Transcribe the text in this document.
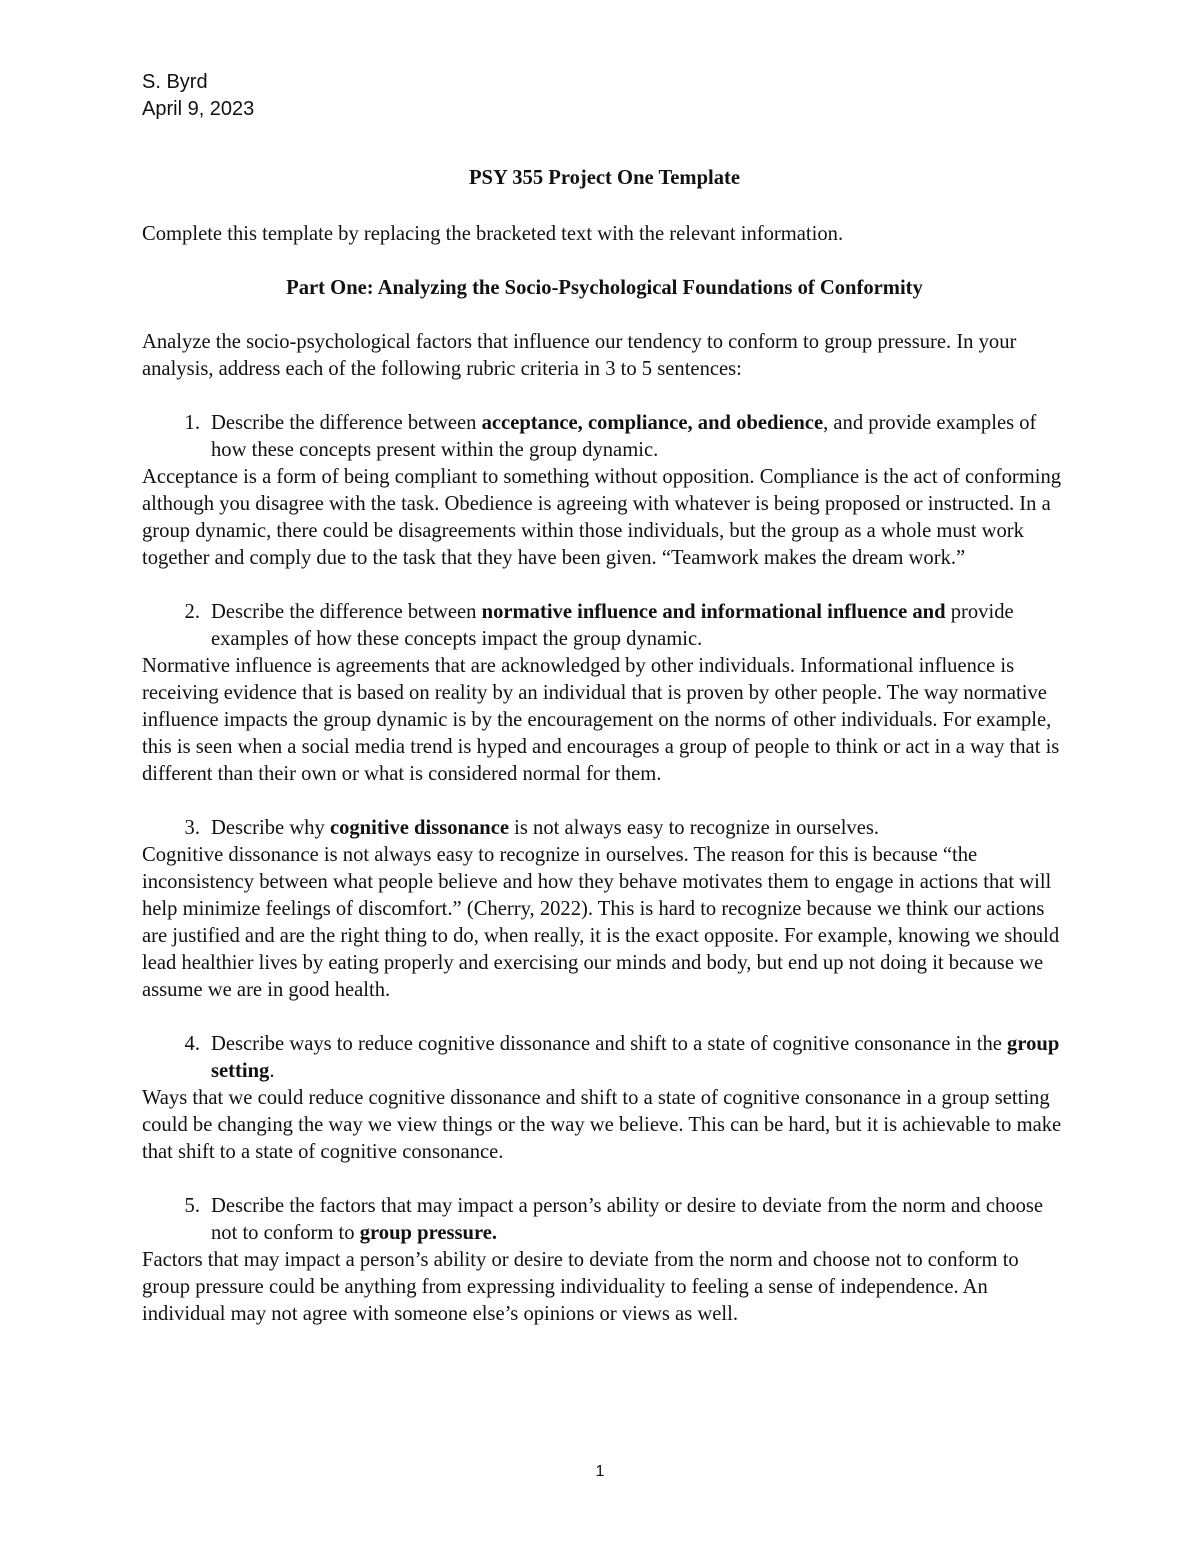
S. Byrd
April 9, 2023

PSY 355 Project One Template

Complete this template by replacing the bracketed text with the relevant information.

Part One: Analyzing the Socio-Psychological Foundations of Conformity

Analyze the socio-psychological factors that influence our tendency to conform to group pressure. In your analysis, address each of the following rubric criteria in 3 to 5 sentences:

1. Describe the difference between acceptance, compliance, and obedience, and provide examples of how these concepts present within the group dynamic.

Acceptance is a form of being compliant to something without opposition. Compliance is the act of conforming although you disagree with the task. Obedience is agreeing with whatever is being proposed or instructed. In a group dynamic, there could be disagreements within those individuals, but the group as a whole must work together and comply due to the task that they have been given. “Teamwork makes the dream work.”

2. Describe the difference between normative influence and informational influence and provide examples of how these concepts impact the group dynamic.

Normative influence is agreements that are acknowledged by other individuals. Informational influence is receiving evidence that is based on reality by an individual that is proven by other people. The way normative influence impacts the group dynamic is by the encouragement on the norms of other individuals. For example, this is seen when a social media trend is hyped and encourages a group of people to think or act in a way that is different than their own or what is considered normal for them.

3. Describe why cognitive dissonance is not always easy to recognize in ourselves.

Cognitive dissonance is not always easy to recognize in ourselves. The reason for this is because “the inconsistency between what people believe and how they behave motivates them to engage in actions that will help minimize feelings of discomfort.” (Cherry, 2022). This is hard to recognize because we think our actions are justified and are the right thing to do, when really, it is the exact opposite. For example, knowing we should lead healthier lives by eating properly and exercising our minds and body, but end up not doing it because we assume we are in good health.

4. Describe ways to reduce cognitive dissonance and shift to a state of cognitive consonance in the group setting.

Ways that we could reduce cognitive dissonance and shift to a state of cognitive consonance in a group setting could be changing the way we view things or the way we believe. This can be hard, but it is achievable to make that shift to a state of cognitive consonance.

5. Describe the factors that may impact a person’s ability or desire to deviate from the norm and choose not to conform to group pressure.

Factors that may impact a person’s ability or desire to deviate from the norm and choose not to conform to group pressure could be anything from expressing individuality to feeling a sense of independence. An individual may not agree with someone else’s opinions or views as well.

1
